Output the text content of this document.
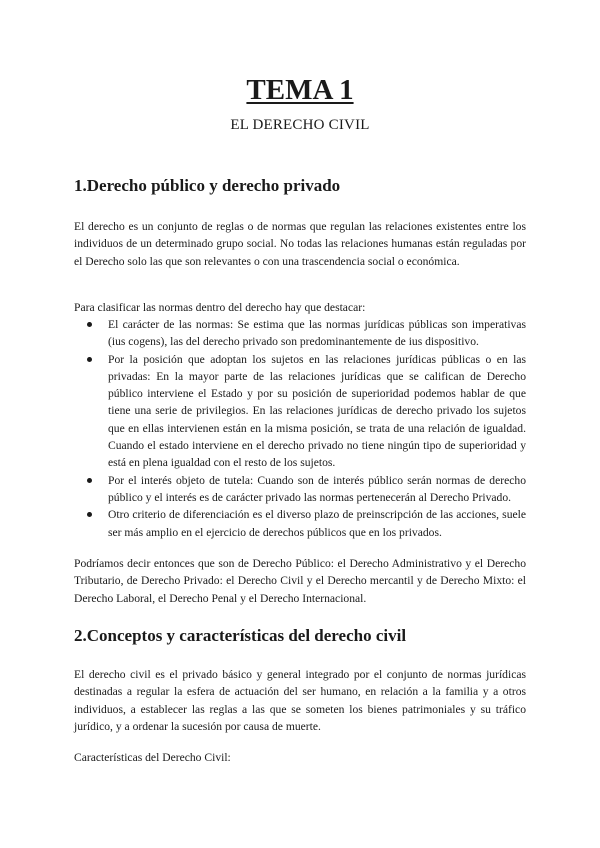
TEMA 1
EL DERECHO CIVIL
1.Derecho público y derecho privado

El derecho es un conjunto de reglas o de normas que regulan las relaciones existentes entre los individuos de un determinado grupo social. No todas las relaciones humanas están reguladas por el Derecho solo las que son relevantes o con una trascendencia social o económica.

Para clasificar las normas dentro del derecho hay que destacar:

El carácter de las normas: Se estima que las normas jurídicas públicas son imperativas (ius cogens), las del derecho privado son predominantemente de ius dispositivo.
Por la posición que adoptan los sujetos en las relaciones jurídicas públicas o en las privadas: En la mayor parte de las relaciones jurídicas que se califican de Derecho público interviene el Estado y por su posición de superioridad podemos hablar de que tiene una serie de privilegios. En las relaciones jurídicas de derecho privado los sujetos que en ellas intervienen están en la misma posición, se trata de una relación de igualdad. Cuando el estado interviene en el derecho privado no tiene ningún tipo de superioridad y está en plena igualdad con el resto de los sujetos.
Por el interés objeto de tutela: Cuando son de interés público serán normas de derecho público y el interés es de carácter privado las normas pertenecerán al Derecho Privado.
Otro criterio de diferenciación es el diverso plazo de preinscripción de las acciones, suele ser más amplio en el ejercicio de derechos públicos que en los privados.

Podríamos decir entonces que son de Derecho Público: el Derecho Administrativo y el Derecho Tributario, de Derecho Privado: el Derecho Civil y el Derecho mercantil y de Derecho Mixto: el Derecho Laboral, el Derecho Penal y el Derecho Internacional.

2.Conceptos y características del derecho civil

El derecho civil es el privado básico y general integrado por el conjunto de normas jurídicas destinadas a regular la esfera de actuación del ser humano, en relación a la familia y a otros individuos, a establecer las reglas a las que se someten los bienes patrimoniales y su tráfico jurídico, y a ordenar la sucesión por causa de muerte.

Características del Derecho Civil:
